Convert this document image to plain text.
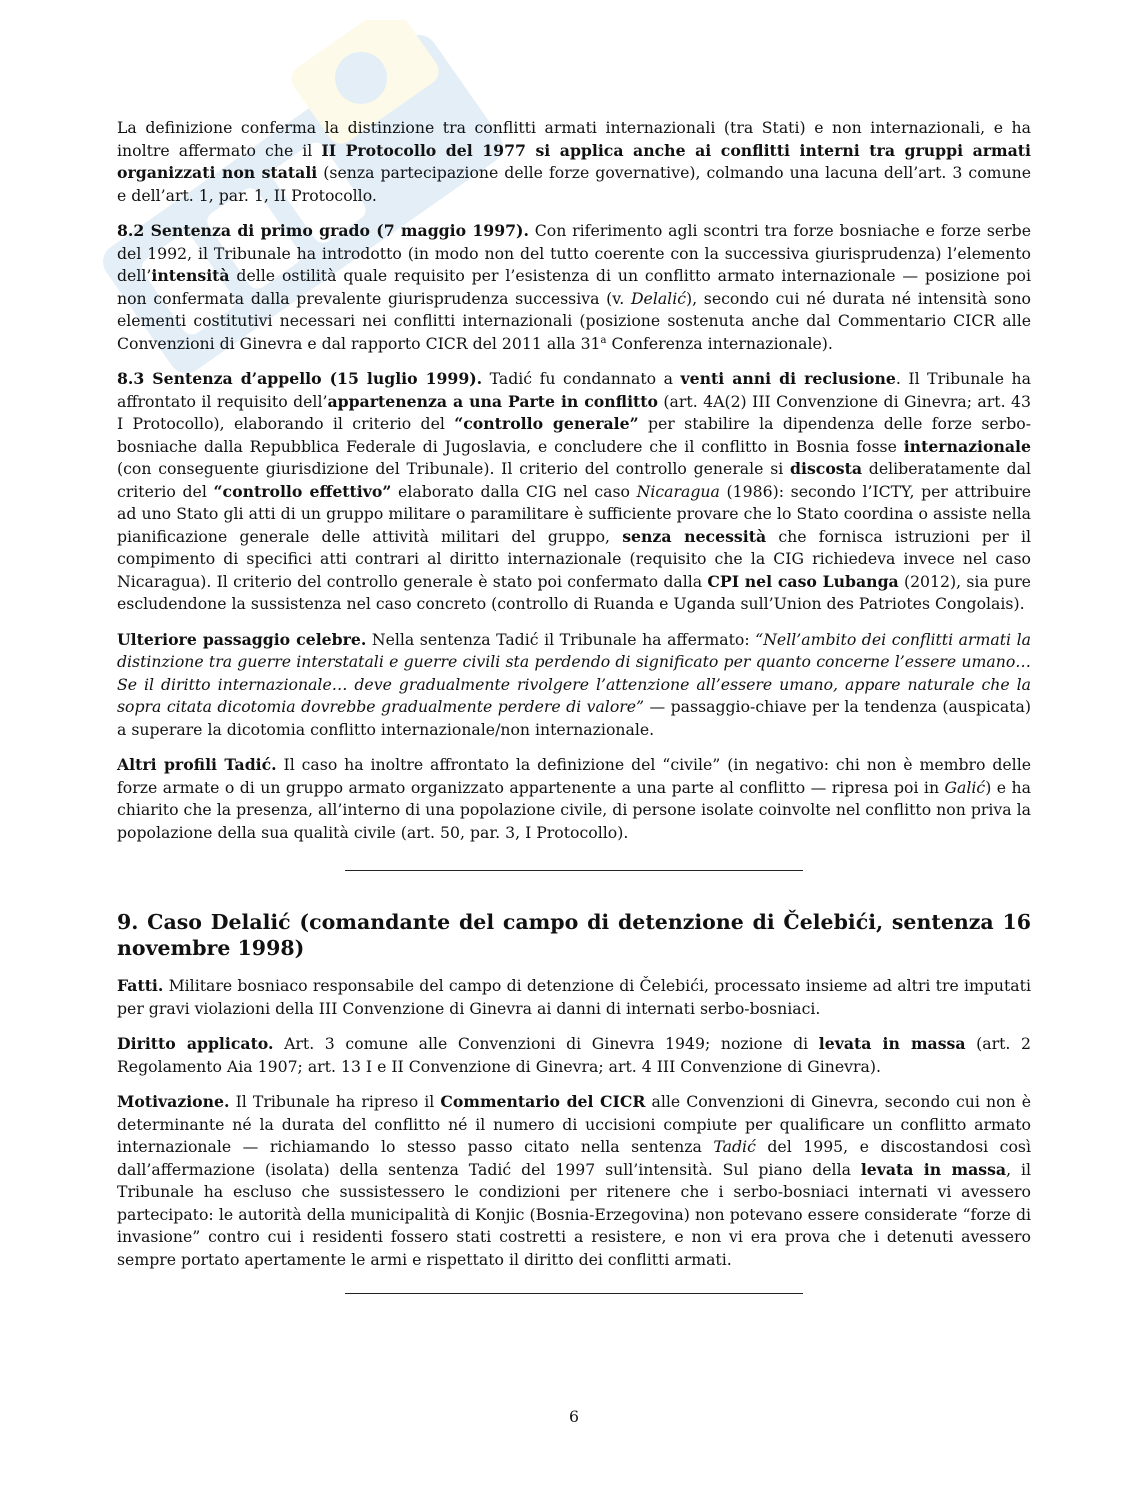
La definizione conferma la distinzione tra conflitti armati internazionali (tra Stati) e non internazionali, e ha inoltre affermato che il II Protocollo del 1977 si applica anche ai conflitti interni tra gruppi armati organizzati non statali (senza partecipazione delle forze governative), colmando una lacuna dell’art. 3 comune e dell’art. 1, par. 1, II Protocollo.

8.2 Sentenza di primo grado (7 maggio 1997). Con riferimento agli scontri tra forze bosniache e forze serbe del 1992, il Tribunale ha introdotto (in modo non del tutto coerente con la successiva giurisprudenza) l’elemento dell’intensità delle ostilità quale requisito per l’esistenza di un conflitto armato internazionale — posizione poi non confermata dalla prevalente giurisprudenza successiva (v. Delalić), secondo cui né durata né intensità sono elementi costitutivi necessari nei conflitti internazionali (posizione sostenuta anche dal Commentario CICR alle Convenzioni di Ginevra e dal rapporto CICR del 2011 alla 31$^a$ Conferenza internazionale).

8.3 Sentenza d’appello (15 luglio 1999). Tadić fu condannato a venti anni di reclusione. Il Tribunale ha affrontato il requisito dell’appartenenza a una Parte in conflitto (art. 4A(2) III Convenzione di Ginevra; art. 43 I Protocollo), elaborando il criterio del “controllo generale” per stabilire la dipendenza delle forze serbo-bosniache dalla Repubblica Federale di Jugoslavia, e concludere che il conflitto in Bosnia fosse internazionale (con conseguente giurisdizione del Tribunale). Il criterio del controllo generale si discosta deliberatamente dal criterio del “controllo effettivo” elaborato dalla CIG nel caso Nicaragua (1986): secondo l’ICTY, per attribuire ad uno Stato gli atti di un gruppo militare o paramilitare è sufficiente provare che lo Stato coordina o assiste nella pianificazione generale delle attività militari del gruppo, senza necessità che fornisca istruzioni per il compimento di specifici atti contrari al diritto internazionale (requisito che la CIG richiedeva invece nel caso Nicaragua). Il criterio del controllo generale è stato poi confermato dalla CPI nel caso Lubanga (2012), sia pure escludendone la sussistenza nel caso concreto (controllo di Ruanda e Uganda sull’Union des Patriotes Congolais).

Ulteriore passaggio celebre. Nella sentenza Tadić il Tribunale ha affermato: “Nell’ambito dei conflitti armati la distinzione tra guerre interstatali e guerre civili sta perdendo di significato per quanto concerne l’essere umano… Se il diritto internazionale… deve gradualmente rivolgere l’attenzione all’essere umano, appare naturale che la sopra citata dicotomia dovrebbe gradualmente perdere di valore” — passaggio-chiave per la tendenza (auspicata) a superare la dicotomia conflitto internazionale/non internazionale.

Altri profili Tadić. Il caso ha inoltre affrontato la definizione del “civile” (in negativo: chi non è membro delle forze armate o di un gruppo armato organizzato appartenente a una parte al conflitto — ripresa poi in Galić) e ha chiarito che la presenza, all’interno di una popolazione civile, di persone isolate coinvolte nel conflitto non priva la popolazione della sua qualità civile (art. 50, par. 3, I Protocollo).

9. Caso Delalić (comandante del campo di detenzione di Čelebići, sentenza 16 novembre 1998)

Fatti. Militare bosniaco responsabile del campo di detenzione di Čelebići, processato insieme ad altri tre imputati per gravi violazioni della III Convenzione di Ginevra ai danni di internati serbo-bosniaci.

Diritto applicato. Art. 3 comune alle Convenzioni di Ginevra 1949; nozione di levata in massa (art. 2 Regolamento Aia 1907; art. 13 I e II Convenzione di Ginevra; art. 4 III Convenzione di Ginevra).

Motivazione. Il Tribunale ha ripreso il Commentario del CICR alle Convenzioni di Ginevra, secondo cui non è determinante né la durata del conflitto né il numero di uccisioni compiute per qualificare un conflitto armato internazionale — richiamando lo stesso passo citato nella sentenza Tadić del 1995, e discostandosi così dall’affermazione (isolata) della sentenza Tadić del 1997 sull’intensità. Sul piano della levata in massa, il Tribunale ha escluso che sussistessero le condizioni per ritenere che i serbo-bosniaci internati vi avessero partecipato: le autorità della municipalità di Konjic (Bosnia-Erzegovina) non potevano essere considerate “forze di invasione” contro cui i residenti fossero stati costretti a resistere, e non vi era prova che i detenuti avessero sempre portato apertamente le armi e rispettato il diritto dei conflitti armati.

6
